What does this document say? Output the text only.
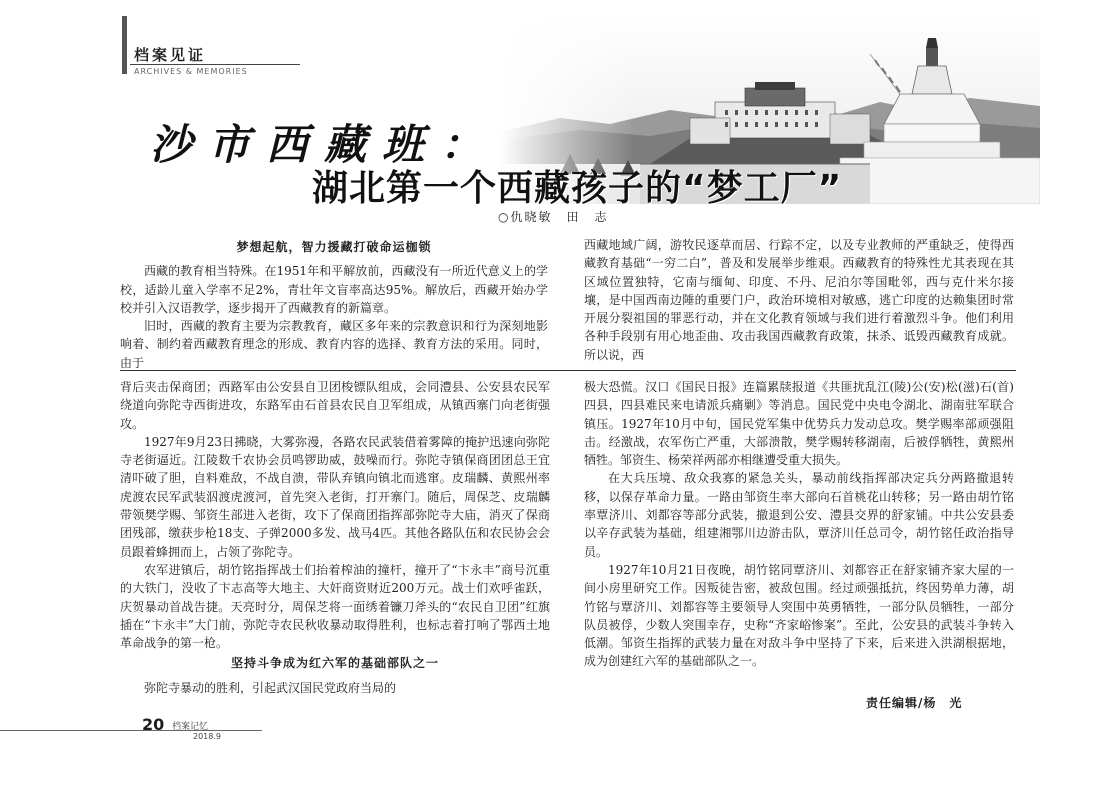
档案见证
ARCHIVES & MEMORIES
沙市西藏班：
湖北第一个西藏孩子的“梦工厂”
○仇晓敏　田　志
梦想起航，智力援藏打破命运枷锁

西藏的教育相当特殊。在1951年和平解放前，西藏没有一所近代意义上的学校，适龄儿童入学率不足2%，青壮年文盲率高达95%。解放后，西藏开始办学校并引入汉语教学，逐步揭开了西藏教育的新篇章。

旧时，西藏的教育主要为宗教教育，藏区多年来的宗教意识和行为深刻地影响着、制约着西藏教育理念的形成、教育内容的选择、教育方法的采用。同时，由于

西藏地域广阔，游牧民逐草而居、行踪不定，以及专业教师的严重缺乏，使得西藏教育基础“一穷二白”，普及和发展举步维艰。西藏教育的特殊性尤其表现在其区域位置独特，它南与缅甸、印度、不丹、尼泊尔等国毗邻，西与克什米尔接壤，是中国西南边陲的重要门户，政治环境相对敏感，逃亡印度的达赖集团时常开展分裂祖国的罪恶行动，并在文化教育领域与我们进行着激烈斗争。他们利用各种手段别有用心地歪曲、攻击我国西藏教育政策，抹杀、诋毁西藏教育成就。所以说，西

背后夹击保商团；西路军由公安县自卫团梭镖队组成，会同澧县、公安县农民军绕道向弥陀寺西街进攻，东路军由石首县农民自卫军组成，从镇西寨门向老街强攻。

1927年9月23日拂晓，大雾弥漫，各路农民武装借着雾障的掩护迅速向弥陀寺老街逼近。江陵数千农协会员鸣锣助威，鼓噪而行。弥陀寺镇保商团团总王宜清吓破了胆，自料难敌，不战自溃，带队弃镇向镇北而逃窜。皮瑞麟、黄熙州率虎渡农民军武装泅渡虎渡河，首先突入老街，打开寨门。随后，周保芝、皮瑞麟带领樊学赐、邹资生部进入老街，攻下了保商团指挥部弥陀寺大庙，消灭了保商团残部，缴获步枪18支、子弹2000多发、战马4匹。其他各路队伍和农民协会会员跟着蜂拥而上，占领了弥陀寺。

农军进镇后，胡竹铭指挥战士们抬着榨油的撞杆，撞开了“卞永丰”商号沉重的大铁门，没收了卞志高等大地主、大奸商资财近200万元。战士们欢呼雀跃，庆贺暴动首战告捷。天亮时分，周保芝将一面绣着镰刀斧头的“农民自卫团”红旗插在“卞永丰”大门前，弥陀寺农民秋收暴动取得胜利，也标志着打响了鄂西土地革命战争的第一枪。

坚持斗争成为红六军的基础部队之一

弥陀寺暴动的胜利，引起武汉国民党政府当局的

极大恐慌。汉口《国民日报》连篇累牍报道《共匪扰乱江(陵)公(安)松(滋)石(首)四县，四县难民来电请派兵痛剿》等消息。国民党中央电令湖北、湖南驻军联合镇压。1927年10月中旬，国民党军集中优势兵力发动总攻。樊学赐率部顽强阻击。经激战，农军伤亡严重，大部溃散，樊学赐转移湖南，后被俘牺牲，黄熙州牺牲。邹资生、杨荣祥两部亦相继遭受重大损失。

在大兵压境、敌众我寡的紧急关头，暴动前线指挥部决定兵分两路撤退转移，以保存革命力量。一路由邹资生率大部向石首桃花山转移；另一路由胡竹铭率覃济川、刘都容等部分武装，撤退到公安、澧县交界的舒家铺。中共公安县委以辛存武装为基础，组建湘鄂川边游击队，覃济川任总司令，胡竹铭任政治指导员。

1927年10月21日夜晚，胡竹铭同覃济川、刘都容正在舒家铺齐家大屋的一间小房里研究工作。因叛徒告密，被敌包围。经过顽强抵抗，终因势单力薄，胡竹铭与覃济川、刘都容等主要领导人突围中英勇牺牲，一部分队员牺牲，一部分队员被俘，少数人突围幸存，史称“齐家峪惨案”。至此，公安县的武装斗争转入低潮。邹资生指挥的武装力量在对敌斗争中坚持了下来，后来进入洪湖根据地，成为创建红六军的基础部队之一。

责任编辑/杨　光
20 档案记忆
2018.9
